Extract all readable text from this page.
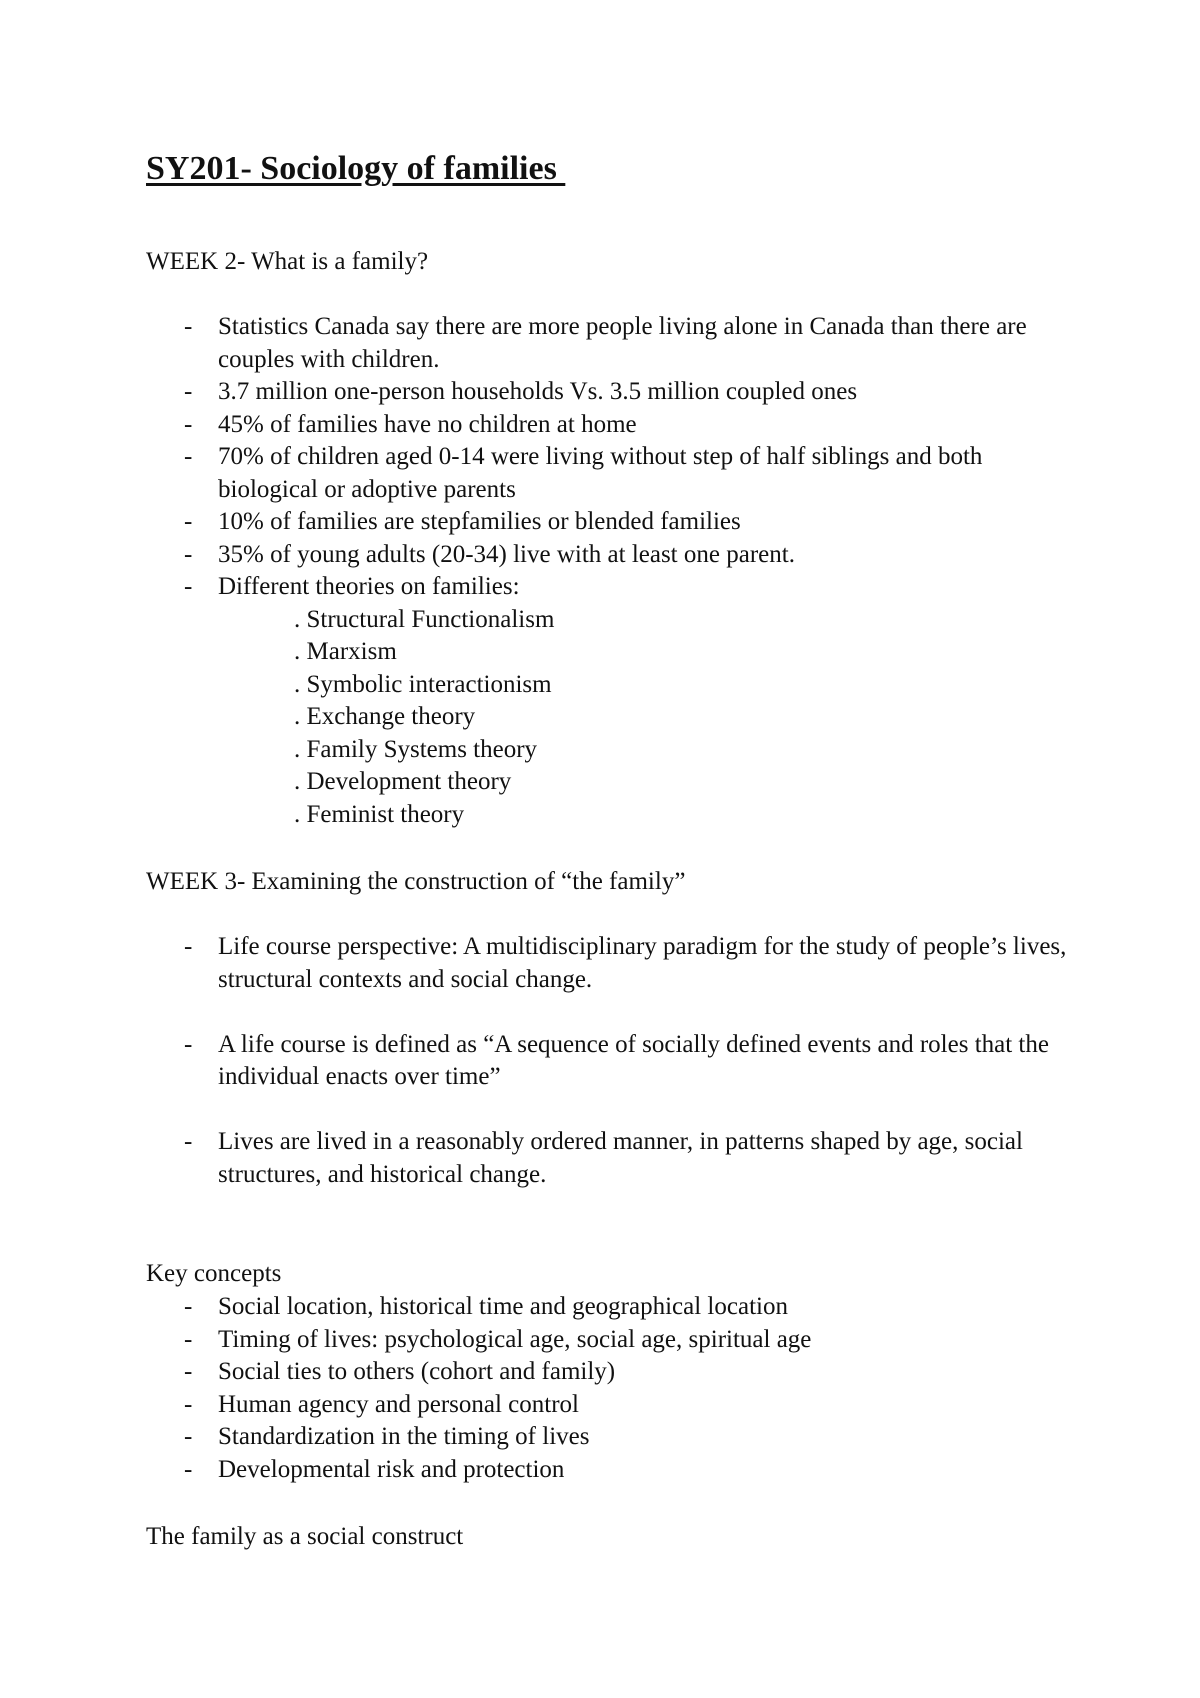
SY201- Sociology of families

WEEK 2- What is a family?

- Statistics Canada say there are more people living alone in Canada than there are couples with children.
- 3.7 million one-person households Vs. 3.5 million coupled ones
- 45% of families have no children at home
- 70% of children aged 0-14 were living without step of half siblings and both biological or adoptive parents
- 10% of families are stepfamilies or blended families
- 35% of young adults (20-34) live with at least one parent.
- Different theories on families:
. Structural Functionalism
. Marxism
. Symbolic interactionism
. Exchange theory
. Family Systems theory
. Development theory
. Feminist theory

WEEK 3- Examining the construction of “the family”

- Life course perspective: A multidisciplinary paradigm for the study of people’s lives, structural contexts and social change.
- A life course is defined as “A sequence of socially defined events and roles that the individual enacts over time”
- Lives are lived in a reasonably ordered manner, in patterns shaped by age, social structures, and historical change.

Key concepts

- Social location, historical time and geographical location
- Timing of lives: psychological age, social age, spiritual age
- Social ties to others (cohort and family)
- Human agency and personal control
- Standardization in the timing of lives
- Developmental risk and protection

The family as a social construct
